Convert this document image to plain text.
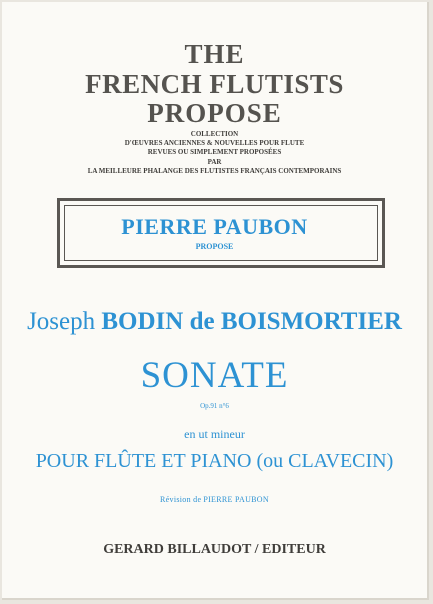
THE
FRENCH FLUTISTS
PROPOSE
COLLECTION
D'ŒUVRES ANCIENNES & NOUVELLES POUR FLUTE
REVUES OU SIMPLEMENT PROPOSÉES
PAR
LA MEILLEURE PHALANGE DES FLUTISTES FRANÇAIS CONTEMPORAINS
PIERRE PAUBON
PROPOSE
Joseph BODIN de BOISMORTIER
SONATE
Op.91 n°6
en ut mineur
POUR FLÛTE ET PIANO (ou CLAVECIN)
Révision de PIERRE PAUBON
GERARD BILLAUDOT / EDITEUR
